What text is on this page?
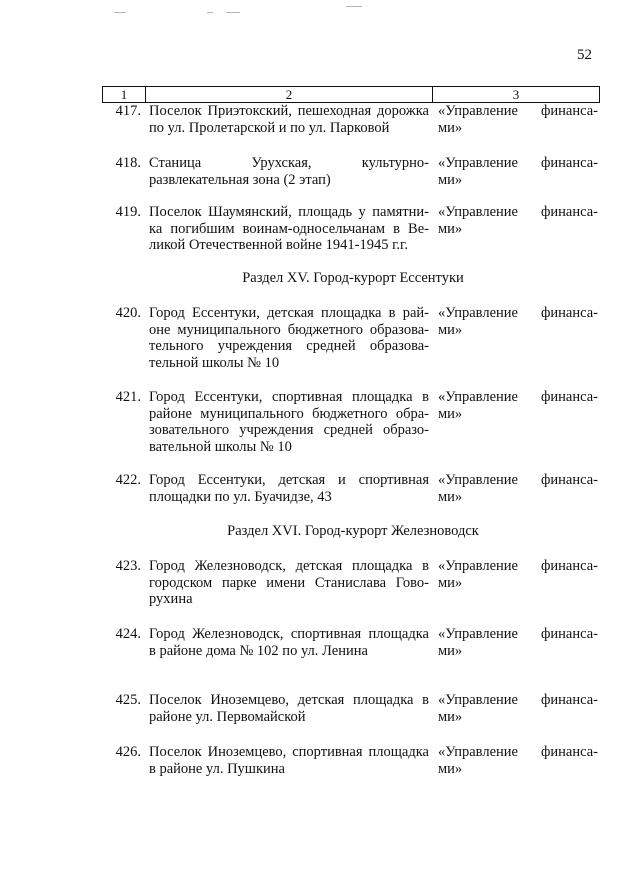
52
1	2	3
417. Поселок Приэтокский, пешеходная дорожка
по ул. Пролетарской и по ул. Парковой
«Управление финанса-
ми»
418. Станица Урухская, культурно-
развлекательная зона (2 этап)
«Управление финанса-
ми»
419. Поселок Шаумянский, площадь у памятни-
ка погибшим воинам-односельчанам в Ве-
ликой Отечественной войне 1941-1945 г.г.
«Управление финанса-
ми»
Раздел XV. Город-курорт Ессентуки
420. Город Ессентуки, детская площадка в рай-
оне муниципального бюджетного образова-
тельного учреждения средней образова-
тельной школы № 10
«Управление финанса-
ми»
421. Город Ессентуки, спортивная площадка в
районе муниципального бюджетного обра-
зовательного учреждения средней образо-
вательной школы № 10
«Управление финанса-
ми»
422. Город Ессентуки, детская и спортивная
площадки по ул. Буачидзе, 43
«Управление финанса-
ми»
Раздел XVI. Город-курорт Железноводск
423. Город Железноводск, детская площадка в
городском парке имени Станислава Гово-
рухина
«Управление финанса-
ми»
424. Город Железноводск, спортивная площадка
в районе дома № 102 по ул. Ленина
«Управление финанса-
ми»
425. Поселок Иноземцево, детская площадка в
районе ул. Первомайской
«Управление финанса-
ми»
426. Поселок Иноземцево, спортивная площадка
в районе ул. Пушкина
«Управление финанса-
ми»
